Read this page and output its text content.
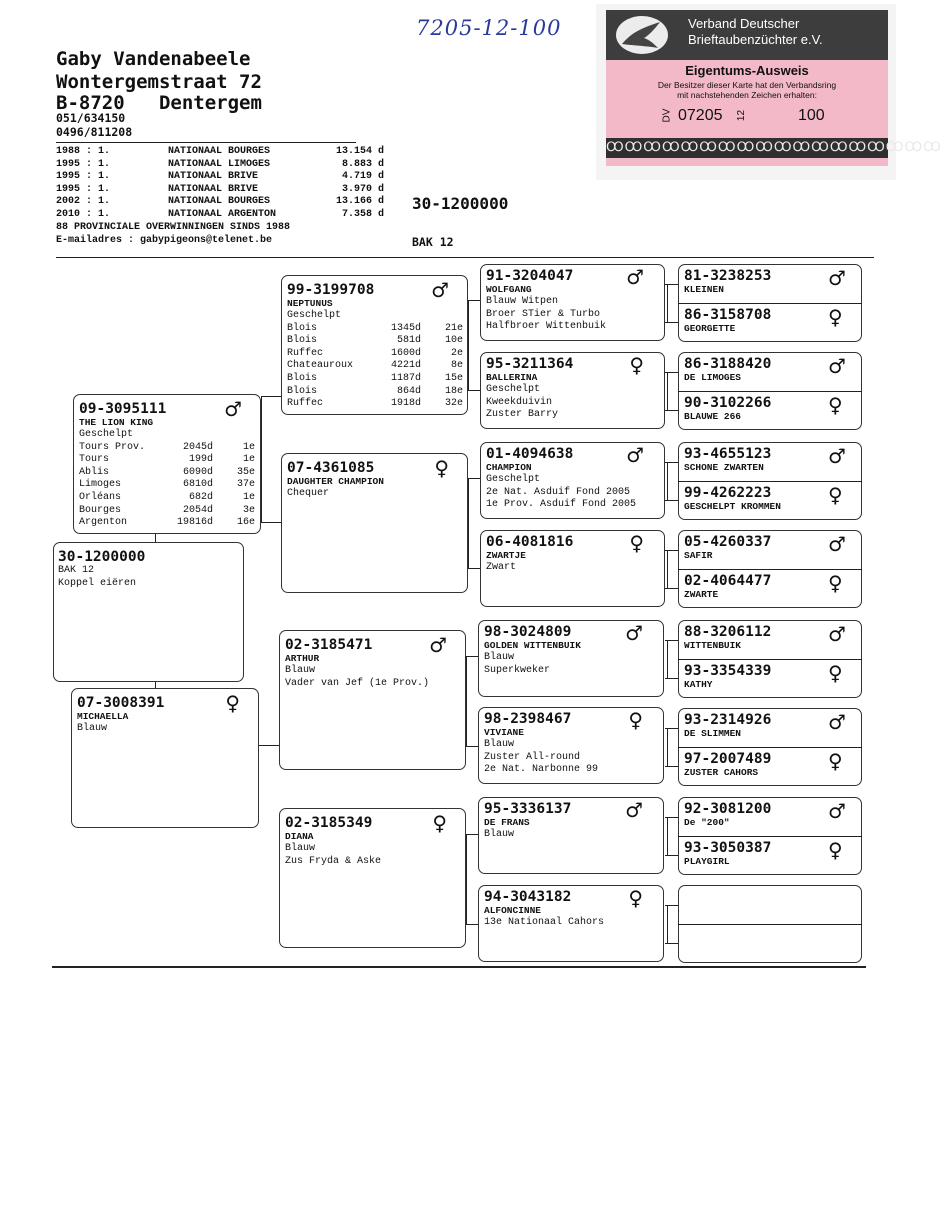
7205-12-100
Gaby Vandenabeele
Wontergemstraat 72
B-8720   Dentergem
051/634150
0496/811208
1988 : 1.	NATIONAAL BOURGES	13.154 d
1995 : 1.	NATIONAAL LIMOGES	8.883 d
1995 : 1.	NATIONAAL BRIVE	4.719 d
1995 : 1.	NATIONAAL BRIVE	3.970 d
2002 : 1.	NATIONAAL BOURGES	13.166 d
2010 : 1.	NATIONAAL ARGENTON	7.358 d
88 PROVINCIALE OVERWINNINGEN SINDS 1988
E-mailadres : gabypigeons@telenet.be
30-1200000
BAK 12
Verband Deutscher
Brieftaubenzüchter e.V.
Eigentums-Ausweis
Der Besitzer dieser Karte hat den Verbandsring
mit nachstehenden Zeichen erhalten:
DV 07205 12	100
ꝎꝎꝎꝎꝎꝎꝎꝎꝎꝎꝎꝎꝎꝎꝎꝎꝎꝎ
30-1200000
BAK 12
Koppel eiëren
09-3095111
THE LION KING
Geschelpt
Tours Prov.	2045d	1e
Tours	199d	1e
Ablis	6090d	35e
Limoges	6810d	37e
Orléans	682d	1e
Bourges	2054d	3e
Argenton	19816d	16e
♂
07-3008391
MICHAELLA
Blauw
♀
99-3199708
NEPTUNUS
Geschelpt
Blois	1345d	21e
Blois	581d	10e
Ruffec	1600d	2e
Chateauroux	4221d	8e
Blois	1187d	15e
Blois	864d	18e
Ruffec	1918d	32e
♂
07-4361085
DAUGHTER CHAMPION
Chequer
♀
02-3185471
ARTHUR
Blauw
Vader van Jef (1e Prov.)
♂
02-3185349
DIANA
Blauw
Zus Fryda & Aske
♀
91-3204047
WOLFGANG
Blauw Witpen
Broer STier & Turbo
Halfbroer Wittenbuik
♂
95-3211364
BALLERINA
Geschelpt
Kweekduivin
Zuster Barry
♀
01-4094638
CHAMPION
Geschelpt
2e Nat. Asduif Fond 2005
1e Prov. Asduif Fond 2005
♂
06-4081816
ZWARTJE
Zwart
♀
98-3024809
GOLDEN WITTENBUIK
Blauw
Superkweker
♂
98-2398467
VIVIANE
Blauw
Zuster All-round
2e Nat. Narbonne 99
♀
95-3336137
DE FRANS
Blauw
♂
94-3043182
ALFONCINNE
13e Nationaal Cahors
♀
81-3238253
KLEINEN	♂
86-3158708
GEORGETTE	♀
86-3188420
DE LIMOGES	♂
90-3102266
BLAUWE 266	♀
93-4655123
SCHONE ZWARTEN	♂
99-4262223
GESCHELPT KROMMEN	♀
05-4260337
SAFIR	♂
02-4064477
ZWARTE	♀
88-3206112
WITTENBUIK	♂
93-3354339
KATHY	♀
93-2314926
DE SLIMMEN	♂
97-2007489
ZUSTER CAHORS	♀
92-3081200
De "200"	♂
93-3050387
PLAYGIRL	♀
